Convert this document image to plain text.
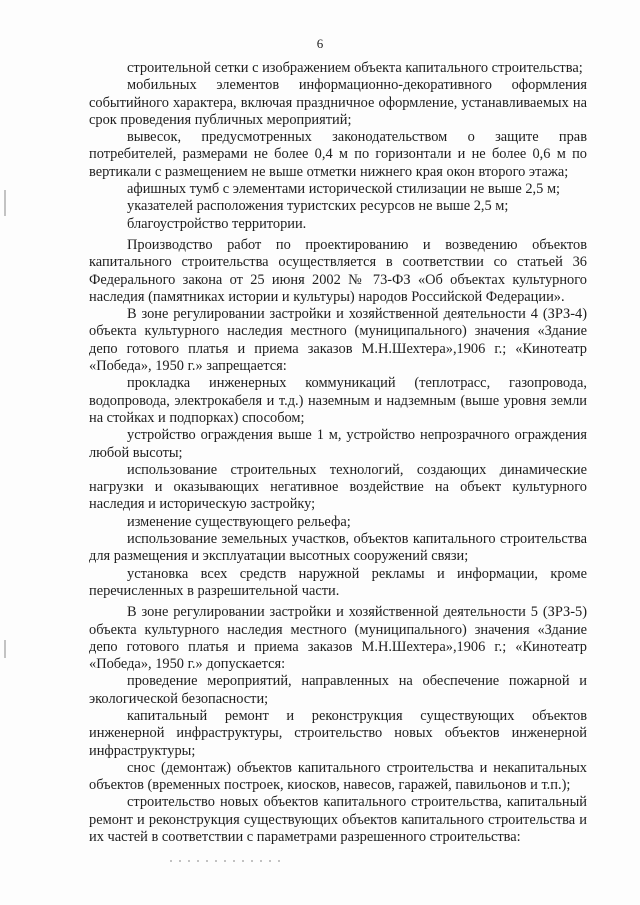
6

строительной сетки с изображением объекта капитального строительства;

мобильных элементов информационно-декоративного оформления событийного характера, включая праздничное оформление, устанавливаемых на срок проведения публичных мероприятий;

вывесок, предусмотренных законодательством о защите прав потребителей, размерами не более 0,4 м по горизонтали и не более 0,6 м по вертикали с размещением не выше отметки нижнего края окон второго этажа;

афишных тумб с элементами исторической стилизации не выше 2,5 м;

указателей расположения туристских ресурсов не выше 2,5 м;

благоустройство территории.

Производство работ по проектированию и возведению объектов капитального строительства осуществляется в соответствии со статьей 36 Федерального закона от 25 июня 2002 № 73-ФЗ «Об объектах культурного наследия (памятниках истории и культуры) народов Российской Федерации».

В зоне регулировании застройки и хозяйственной деятельности 4 (ЗРЗ-4) объекта культурного наследия местного (муниципального) значения «Здание депо готового платья и приема заказов М.Н.Шехтера»,1906 г.; «Кинотеатр «Победа», 1950 г.» запрещается:

прокладка инженерных коммуникаций (теплотрасс, газопровода, водопровода, электрокабеля и т.д.) наземным и надземным (выше уровня земли на стойках и подпорках) способом;

устройство ограждения выше 1 м, устройство непрозрачного ограждения любой высоты;

использование строительных технологий, создающих динамические нагрузки и оказывающих негативное воздействие на объект культурного наследия и историческую застройку;

изменение существующего рельефа;

использование земельных участков, объектов капитального строительства для размещения и эксплуатации высотных сооружений связи;

установка всех средств наружной рекламы и информации, кроме перечисленных в разрешительной части.

В зоне регулировании застройки и хозяйственной деятельности 5 (ЗРЗ-5) объекта культурного наследия местного (муниципального) значения «Здание депо готового платья и приема заказов М.Н.Шехтера»,1906 г.; «Кинотеатр «Победа», 1950 г.» допускается:

проведение мероприятий, направленных на обеспечение пожарной и экологической безопасности;

капитальный ремонт и реконструкция существующих объектов инженерной инфраструктуры, строительство новых объектов инженерной инфраструктуры;

снос (демонтаж) объектов капитального строительства и некапитальных объектов (временных построек, киосков, навесов, гаражей, павильонов и т.п.);

строительство новых объектов капитального строительства, капитальный ремонт и реконструкция существующих объектов капитального строительства и их частей в соответствии с параметрами разрешенного строительства:
